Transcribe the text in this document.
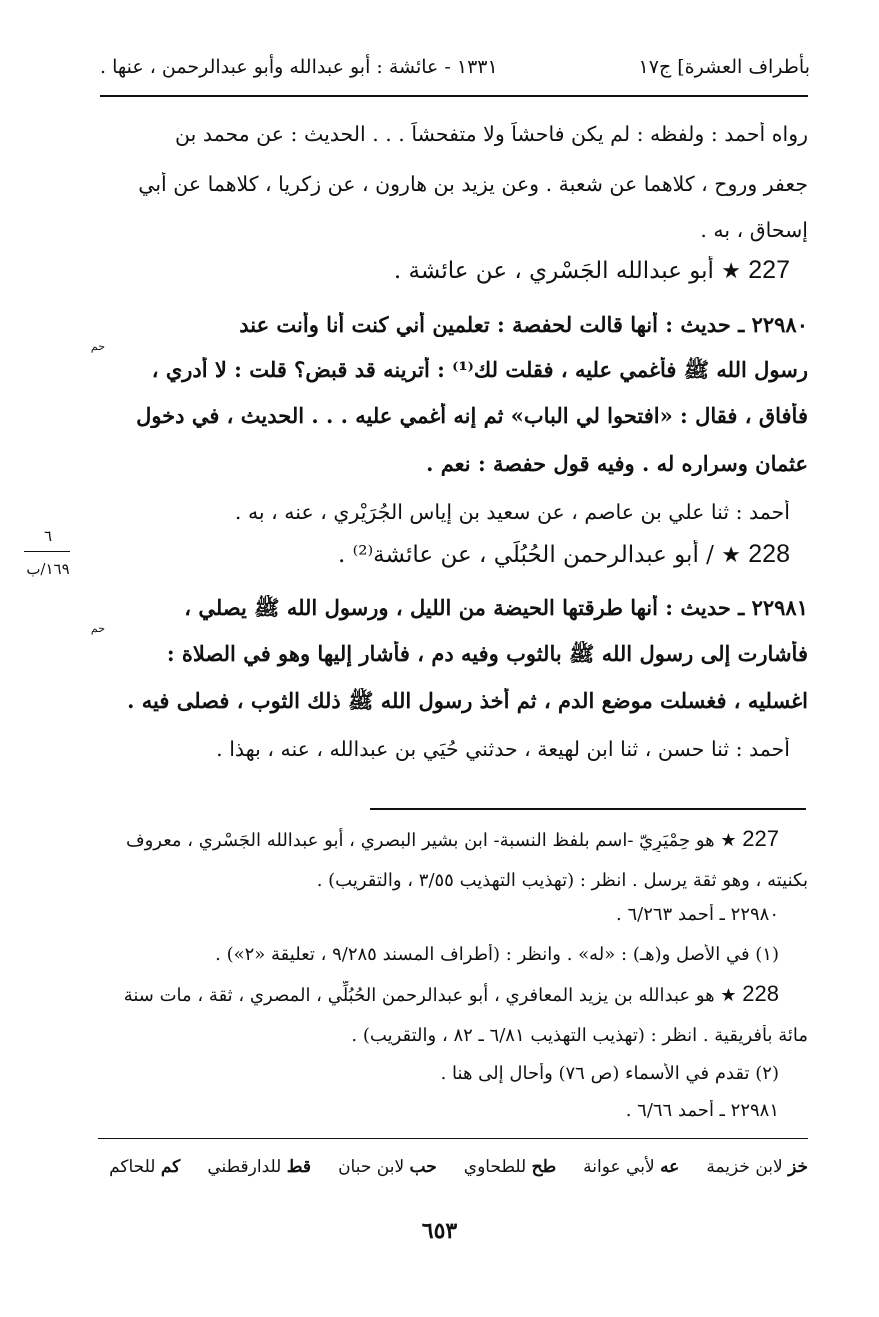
بأطراف العشرة] ج١٧
١٣٣١ - عائشة : أبو عبدالله وأبو عبدالرحمن ، عنها .
رواه أحمد : ولفظه : لم يكن فاحشاً ولا متفحشاً . . . الحديث : عن محمد بن
جعفر وروح ، كلاهما عن شعبة . وعن يزيد بن هارون ، عن زكريا ، كلاهما عن أبي
إسحاق ، به .
227 ★ أبو عبدالله الجَسْري ، عن عائشة .
٢٢٩٨٠ ـ حديث : أنها قالت لحفصة : تعلمين أني كنت أنا وأنت عند
حم
رسول الله ﷺ فأغمي عليه ، فقلت لك⁽¹⁾ : أترينه قد قبض؟ قلت : لا أدري ،
فأفاق ، فقال : «افتحوا لي الباب» ثم إنه أغمي عليه . . . الحديث ، في دخول
عثمان وسراره له . وفيه قول حفصة : نعم .
أحمد : ثنا علي بن عاصم ، عن سعيد بن إياس الجُرَيْري ، عنه ، به .
٦
١٦٩/ب
228 ★ / أبو عبدالرحمن الحُبُلِّي ، عن عائشة⁽²⁾ .
٢٢٩٨١ ـ حديث : أنها طرقتها الحيضة من الليل ، ورسول الله ﷺ يصلي ،
حم
فأشارت إلى رسول الله ﷺ بالثوب وفيه دم ، فأشار إليها وهو في الصلاة :
اغسليه ، فغسلت موضع الدم ، ثم أخذ رسول الله ﷺ ذلك الثوب ، فصلى فيه .
أحمد : ثنا حسن ، ثنا ابن لهيعة ، حدثني حُيَي بن عبدالله ، عنه ، بهذا .
227 ★ هو حِمْيَرِيّ -اسم بلفظ النسبة- ابن بشير البصري ، أبو عبدالله الجَسْري ، معروف
بكنيته ، وهو ثقة يرسل . انظر : (تهذيب التهذيب ٣/٥٥ ، والتقريب) .
٢٢٩٨٠ ـ أحمد ٦/٢٦٣ .
(١) في الأصل و(هـ) : «له» . وانظر : (أطراف المسند ٩/٢٨٥ ، تعليقة «٢») .
228 ★ هو عبدالله بن يزيد المعافري ، أبو عبدالرحمن الحُبُلِّي ، المصري ، ثقة ، مات سنة
مائة بأفريقية . انظر : (تهذيب التهذيب ٦/٨١ ـ ٨٢ ، والتقريب) .
(٢) تقدم في الأسماء (ص ٧٦) وأحال إلى هنا .
٢٢٩٨١ ـ أحمد ٦/٦٦ .
خز لابن خزيمة     عه لأبي عوانة     طح للطحاوي     حب لابن حبان     قط للدارقطني     كم للحاكم
٦٥٣
